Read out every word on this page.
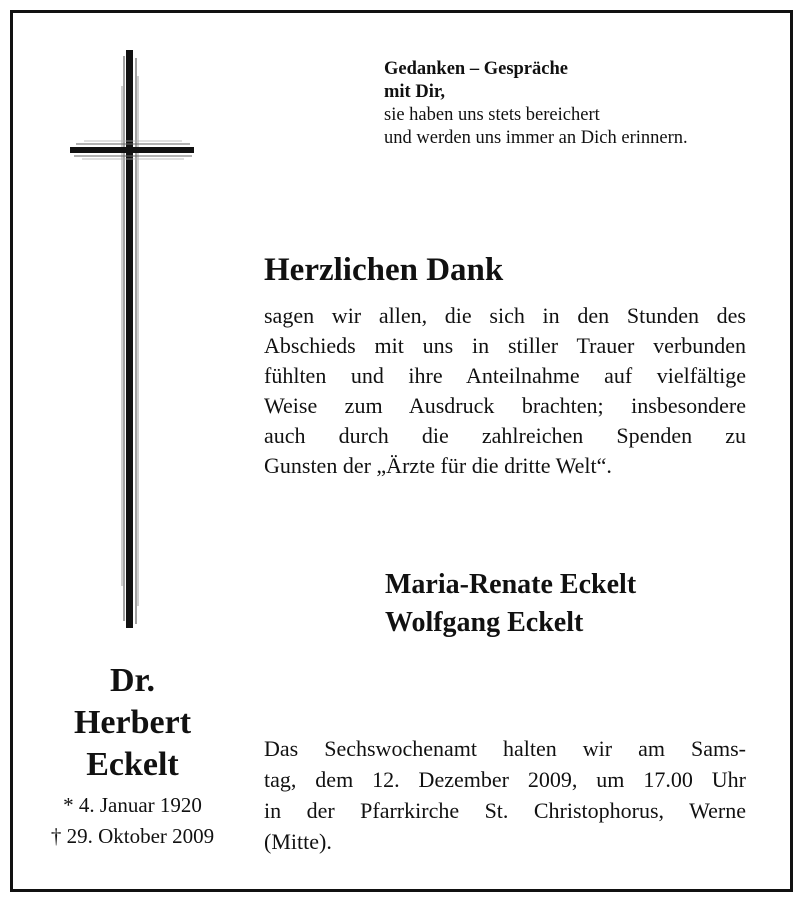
Gedanken – Gespräche
mit Dir,
sie haben uns stets bereichert
und werden uns immer an Dich erinnern.
Herzlichen Dank
sagen wir allen, die sich in den Stunden des
Abschieds mit uns in stiller Trauer verbunden
fühlten und ihre Anteilnahme auf vielfältige
Weise zum Ausdruck brachten; insbesondere
auch durch die zahlreichen Spenden zu
Gunsten der „Ärzte für die dritte Welt“.
Maria-Renate Eckelt
Wolfgang Eckelt
Dr.
Herbert
Eckelt
* 4. Januar 1920
† 29. Oktober 2009
Das Sechswochenamt halten wir am Sams-
tag, dem 12. Dezember 2009, um 17.00 Uhr
in der Pfarrkirche St. Christophorus, Werne
(Mitte).
